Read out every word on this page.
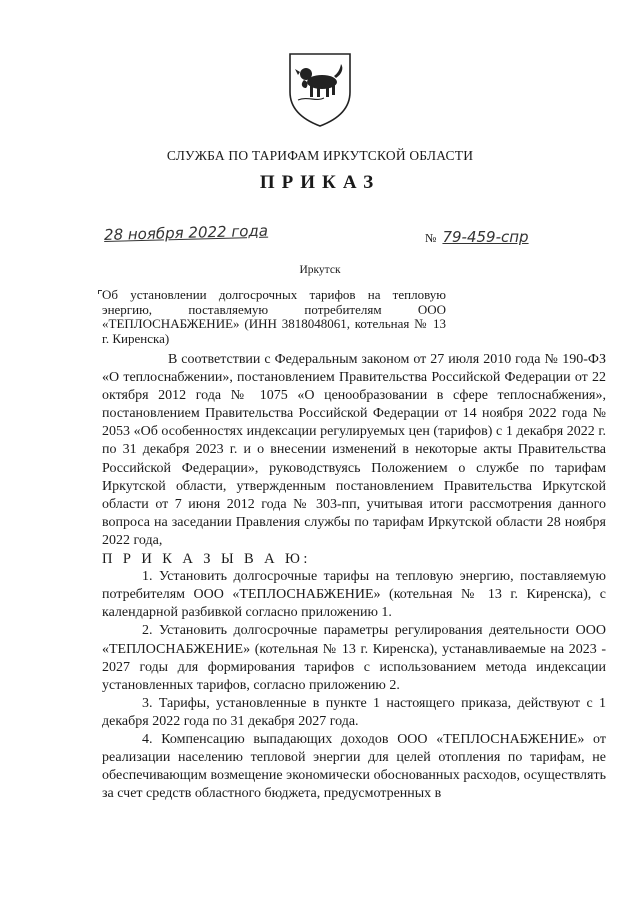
СЛУЖБА ПО ТАРИФАМ ИРКУТСКОЙ ОБЛАСТИ
ПРИКАЗ
28 ноября 2022 года	№ 79-459-спр
Иркутск
Об установлении долгосрочных тарифов на тепловую энергию, поставляемую потребителям ООО «ТЕПЛОСНАБЖЕНИЕ» (ИНН 3818048061, котельная № 13 г. Киренска)

В соответствии с Федеральным законом от 27 июля 2010 года № 190-ФЗ «О теплоснабжении», постановлением Правительства Российской Федерации от 22 октября 2012 года № 1075 «О ценообразовании в сфере теплоснабжения», постановлением Правительства Российской Федерации от 14 ноября 2022 года № 2053 «Об особенностях индексации регулируемых цен (тарифов) с 1 декабря 2022 г. по 31 декабря 2023 г. и о внесении изменений в некоторые акты Правительства Российской Федерации», руководствуясь Положением о службе по тарифам Иркутской области, утвержденным постановлением Правительства Иркутской области от 7 июня 2012 года № 303-пп, учитывая итоги рассмотрения данного вопроса на заседании Правления службы по тарифам Иркутской области 28 ноября 2022 года,

П Р И К А З Ы В А Ю:

1. Установить долгосрочные тарифы на тепловую энергию, поставляемую потребителям ООО «ТЕПЛОСНАБЖЕНИЕ» (котельная № 13 г. Киренска), с календарной разбивкой согласно приложению 1.

2. Установить долгосрочные параметры регулирования деятельности ООО «ТЕПЛОСНАБЖЕНИЕ» (котельная № 13 г. Киренска), устанавливаемые на 2023 - 2027 годы для формирования тарифов с использованием метода индексации установленных тарифов, согласно приложению 2.

3. Тарифы, установленные в пункте 1 настоящего приказа, действуют с 1 декабря 2022 года по 31 декабря 2027 года.

4. Компенсацию выпадающих доходов ООО «ТЕПЛОСНАБЖЕНИЕ» от реализации населению тепловой энергии для целей отопления по тарифам, не обеспечивающим возмещение экономически обоснованных расходов, осуществлять за счет средств областного бюджета, предусмотренных в
